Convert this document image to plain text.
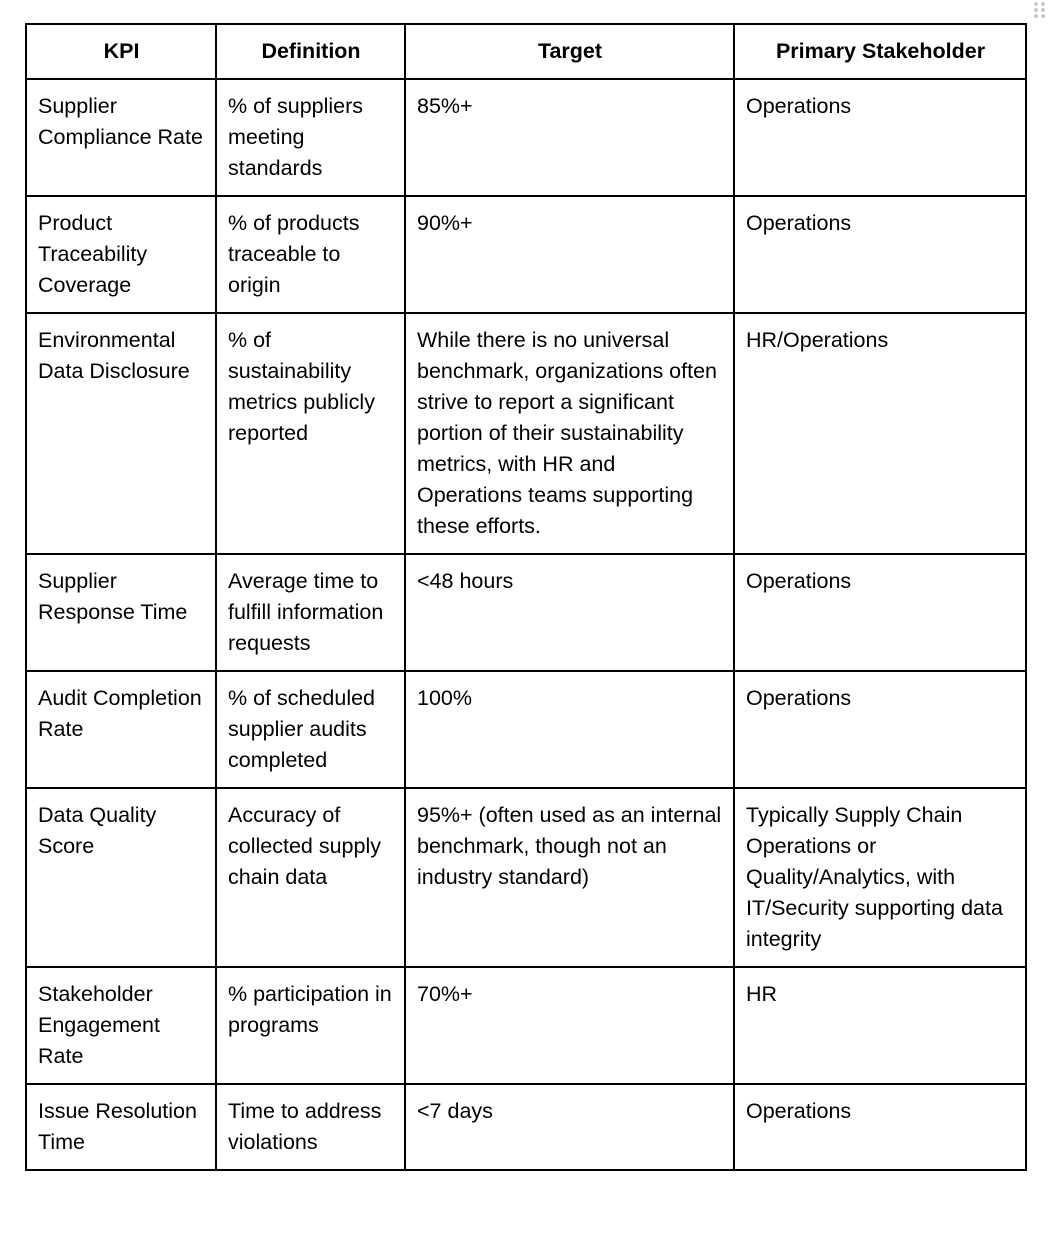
KPI	Definition	Target	Primary Stakeholder
Supplier Compliance Rate	% of suppliers meeting standards	85%+	Operations
Product Traceability Coverage	% of products traceable to origin	90%+	Operations
Environmental Data Disclosure	% of sustainability metrics publicly reported	While there is no universal benchmark, organizations often strive to report a significant portion of their sustainability metrics, with HR and Operations teams supporting these efforts.	HR/Operations
Supplier Response Time	Average time to fulfill information requests	<48 hours	Operations
Audit Completion Rate	% of scheduled supplier audits completed	100%	Operations
Data Quality Score	Accuracy of collected supply chain data	95%+ (often used as an internal benchmark, though not an industry standard)	Typically Supply Chain Operations or Quality/Analytics, with IT/Security supporting data integrity
Stakeholder Engagement Rate	% participation in programs	70%+	HR
Issue Resolution Time	Time to address violations	<7 days	Operations
